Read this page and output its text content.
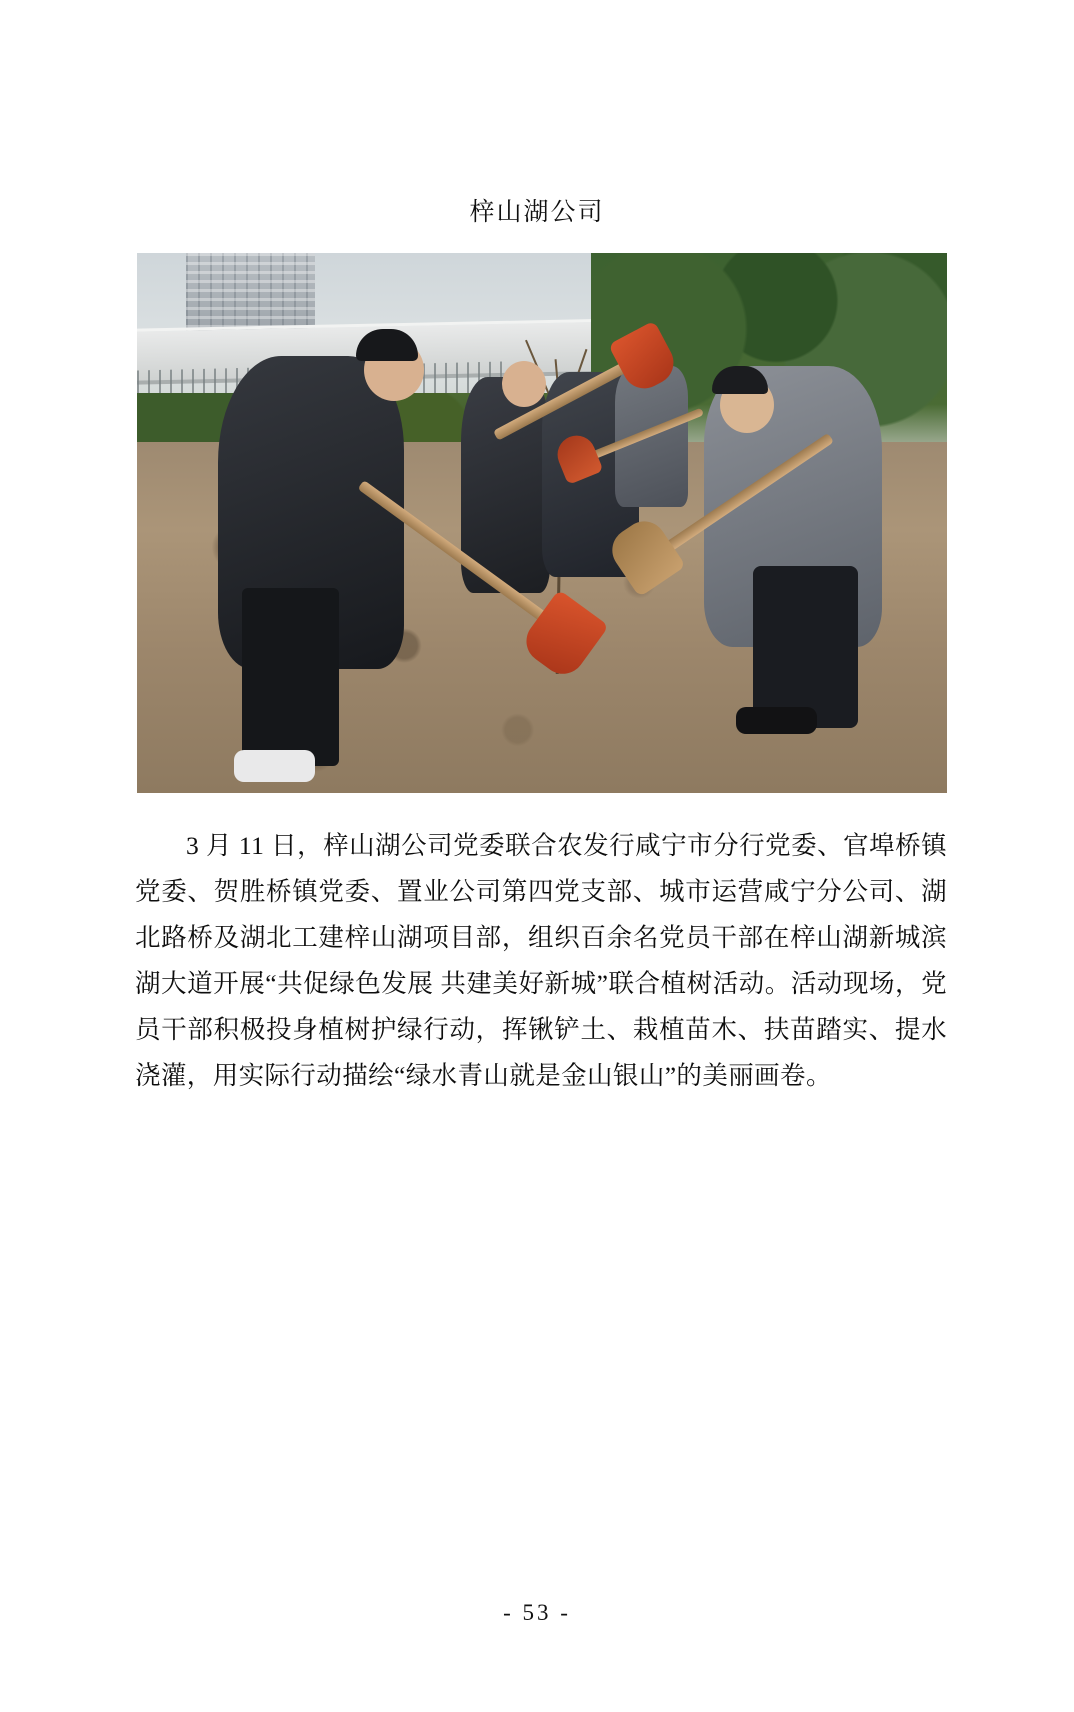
梓山湖公司

3 月 11 日，梓山湖公司党委联合农发行咸宁市分行党委、官埠桥镇党委、贺胜桥镇党委、置业公司第四党支部、城市运营咸宁分公司、湖北路桥及湖北工建梓山湖项目部，组织百余名党员干部在梓山湖新城滨湖大道开展“共促绿色发展 共建美好新城”联合植树活动。活动现场，党员干部积极投身植树护绿行动，挥锹铲土、栽植苗木、扶苗踏实、提水浇灌，用实际行动描绘“绿水青山就是金山银山”的美丽画卷。

- 53 -
